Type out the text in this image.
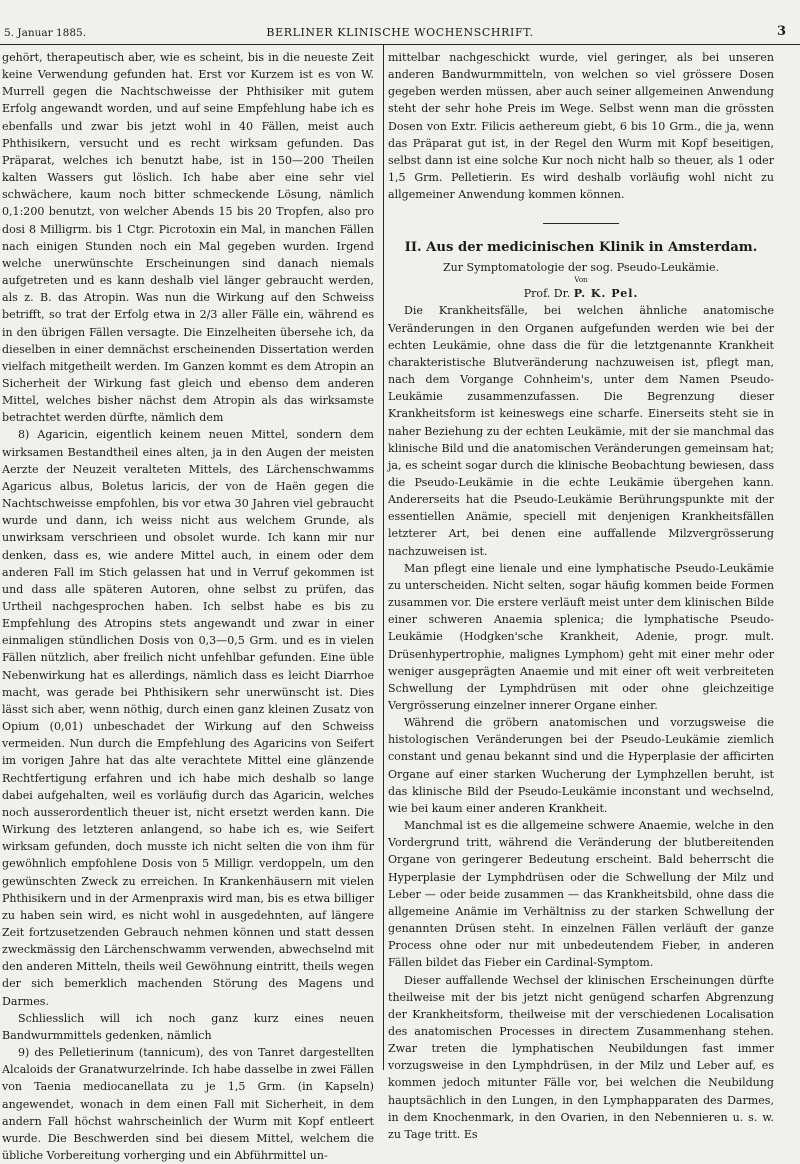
5. Januar 1885.	BERLINER KLINISCHE WOCHENSCHRIFT.	3

gehört, therapeutisch aber, wie es scheint, bis in die neueste Zeit keine Verwendung gefunden hat. Erst vor Kurzem ist es von W. Murrell gegen die Nachtschweisse der Phthisiker mit gutem Erfolg angewandt worden, und auf seine Empfehlung habe ich es ebenfalls und zwar bis jetzt wohl in 40 Fällen, meist auch Phthisikern, versucht und es recht wirksam gefunden. Das Präparat, welches ich benutzt habe, ist in 150—200 Theilen kalten Wassers gut löslich. Ich habe aber eine sehr viel schwächere, kaum noch bitter schmeckende Lösung, nämlich 0,1:200 benutzt, von welcher Abends 15 bis 20 Tropfen, also pro dosi 8 Milligrm. bis 1 Ctgr. Picrotoxin ein Mal, in manchen Fällen nach einigen Stunden noch ein Mal gegeben wurden. Irgend welche unerwünschte Erscheinungen sind danach niemals aufgetreten und es kann deshalb viel länger gebraucht werden, als z. B. das Atropin. Was nun die Wirkung auf den Schweiss betrifft, so trat der Erfolg etwa in 2/3 aller Fälle ein, während es in den übrigen Fällen versagte. Die Einzelheiten übersehe ich, da dieselben in einer demnächst erscheinenden Dissertation werden vielfach mitgetheilt werden. Im Ganzen kommt es dem Atropin an Sicherheit der Wirkung fast gleich und ebenso dem anderen Mittel, welches bisher nächst dem Atropin als das wirksamste betrachtet werden dürfte, nämlich dem

8) Agaricin, eigentlich keinem neuen Mittel, sondern dem wirksamen Bestandtheil eines alten, ja in den Augen der meisten Aerzte der Neuzeit veralteten Mittels, des Lärchenschwamms Agaricus albus, Boletus laricis, der von de Haën gegen die Nachtschweisse empfohlen, bis vor etwa 30 Jahren viel gebraucht wurde und dann, ich weiss nicht aus welchem Grunde, als unwirksam verschrieen und obsolet wurde. Ich kann mir nur denken, dass es, wie andere Mittel auch, in einem oder dem anderen Fall im Stich gelassen hat und in Verruf gekommen ist und dass alle späteren Autoren, ohne selbst zu prüfen, das Urtheil nachgesprochen haben. Ich selbst habe es bis zu Empfehlung des Atropins stets angewandt und zwar in einer einmaligen stündlichen Dosis von 0,3—0,5 Grm. und es in vielen Fällen nützlich, aber freilich nicht unfehlbar gefunden. Eine üble Nebenwirkung hat es allerdings, nämlich dass es leicht Diarrhoe macht, was gerade bei Phthisikern sehr unerwünscht ist. Dies lässt sich aber, wenn nöthig, durch einen ganz kleinen Zusatz von Opium (0,01) unbeschadet der Wirkung auf den Schweiss vermeiden. Nun durch die Empfehlung des Agaricins von Seifert im vorigen Jahre hat das alte verachtete Mittel eine glänzende Rechtfertigung erfahren und ich habe mich deshalb so lange dabei aufgehalten, weil es vorläufig durch das Agaricin, welches noch ausserordentlich theuer ist, nicht ersetzt werden kann. Die Wirkung des letzteren anlangend, so habe ich es, wie Seifert wirksam gefunden, doch musste ich nicht selten die von ihm für gewöhnlich empfohlene Dosis von 5 Milligr. verdoppeln, um den gewünschten Zweck zu erreichen. In Krankenhäusern mit vielen Phthisikern und in der Armenpraxis wird man, bis es etwa billiger zu haben sein wird, es nicht wohl in ausgedehnten, auf längere Zeit fortzusetzenden Gebrauch nehmen können und statt dessen zweckmässig den Lärchenschwamm verwenden, abwechselnd mit den anderen Mitteln, theils weil Gewöhnung eintritt, theils wegen der sich bemerklich machenden Störung des Magens und Darmes.

Schliesslich will ich noch ganz kurz eines neuen Bandwurmmittels gedenken, nämlich

9) des Pelletierinum (tannicum), des von Tanret dargestellten Alcaloids der Granatwurzelrinde. Ich habe dasselbe in zwei Fällen von Taenia mediocanellata zu je 1,5 Grm. (in Kapseln) angewendet, wonach in dem einen Fall mit Sicherheit, in dem andern Fall höchst wahrscheinlich der Wurm mit Kopf entleert wurde. Die Beschwerden sind bei diesem Mittel, welchem die übliche Vorbereitung vorherging und ein Abführmittel un-

mittelbar nachgeschickt wurde, viel geringer, als bei unseren anderen Bandwurmmitteln, von welchen so viel grössere Dosen gegeben werden müssen, aber auch seiner allgemeinen Anwendung steht der sehr hohe Preis im Wege. Selbst wenn man die grössten Dosen von Extr. Filicis aethereum giebt, 6 bis 10 Grm., die ja, wenn das Präparat gut ist, in der Regel den Wurm mit Kopf beseitigen, selbst dann ist eine solche Kur noch nicht halb so theuer, als 1 oder 1,5 Grm. Pelletierin. Es wird deshalb vorläufig wohl nicht zu allgemeiner Anwendung kommen können.

II. Aus der medicinischen Klinik in Amsterdam.

Zur Symptomatologie der sog. Pseudo-Leukämie.

Von

Prof. Dr. P. K. Pel.

Die Krankheitsfälle, bei welchen ähnliche anatomische Veränderungen in den Organen aufgefunden werden wie bei der echten Leukämie, ohne dass die für die letztgenannte Krankheit charakteristische Blutveränderung nachzuweisen ist, pflegt man, nach dem Vorgange Cohnheim's, unter dem Namen Pseudo-Leukämie zusammenzufassen. Die Begrenzung dieser Krankheitsform ist keineswegs eine scharfe. Einerseits steht sie in naher Beziehung zu der echten Leukämie, mit der sie manchmal das klinische Bild und die anatomischen Veränderungen gemeinsam hat; ja, es scheint sogar durch die klinische Beobachtung bewiesen, dass die Pseudo-Leukämie in die echte Leukämie übergehen kann. Andererseits hat die Pseudo-Leukämie Berührungspunkte mit der essentiellen Anämie, speciell mit denjenigen Krankheitsfällen letzterer Art, bei denen eine auffallende Milzvergrösserung nachzuweisen ist.

Man pflegt eine lienale und eine lymphatische Pseudo-Leukämie zu unterscheiden. Nicht selten, sogar häufig kommen beide Formen zusammen vor. Die erstere verläuft meist unter dem klinischen Bilde einer schweren Anaemia splenica; die lymphatische Pseudo-Leukämie (Hodgken'sche Krankheit, Adenie, progr. mult. Drüsenhypertrophie, malignes Lymphom) geht mit einer mehr oder weniger ausgeprägten Anaemie und mit einer oft weit verbreiteten Schwellung der Lymphdrüsen mit oder ohne gleichzeitige Vergrösserung einzelner innerer Organe einher.

Während die gröbern anatomischen und vorzugsweise die histologischen Veränderungen bei der Pseudo-Leukämie ziemlich constant und genau bekannt sind und die Hyperplasie der afficirten Organe auf einer starken Wucherung der Lymphzellen beruht, ist das klinische Bild der Pseudo-Leukämie inconstant und wechselnd, wie bei kaum einer anderen Krankheit.

Manchmal ist es die allgemeine schwere Anaemie, welche in den Vordergrund tritt, während die Veränderung der blutbereitenden Organe von geringerer Bedeutung erscheint. Bald beherrscht die Hyperplasie der Lymphdrüsen oder die Schwellung der Milz und Leber — oder beide zusammen — das Krankheitsbild, ohne dass die allgemeine Anämie im Verhältniss zu der starken Schwellung der genannten Drüsen steht. In einzelnen Fällen verläuft der ganze Process ohne oder nur mit unbedeutendem Fieber, in anderen Fällen bildet das Fieber ein Cardinal-Symptom.

Dieser auffallende Wechsel der klinischen Erscheinungen dürfte theilweise mit der bis jetzt nicht genügend scharfen Abgrenzung der Krankheitsform, theilweise mit der verschiedenen Localisation des anatomischen Processes in directem Zusammenhang stehen. Zwar treten die lymphatischen Neubildungen fast immer vorzugsweise in den Lymphdrüsen, in der Milz und Leber auf, es kommen jedoch mitunter Fälle vor, bei welchen die Neubildung hauptsächlich in den Lungen, in den Lymphapparaten des Darmes, in dem Knochenmark, in den Ovarien, in den Nebennieren u. s. w. zu Tage tritt. Es
